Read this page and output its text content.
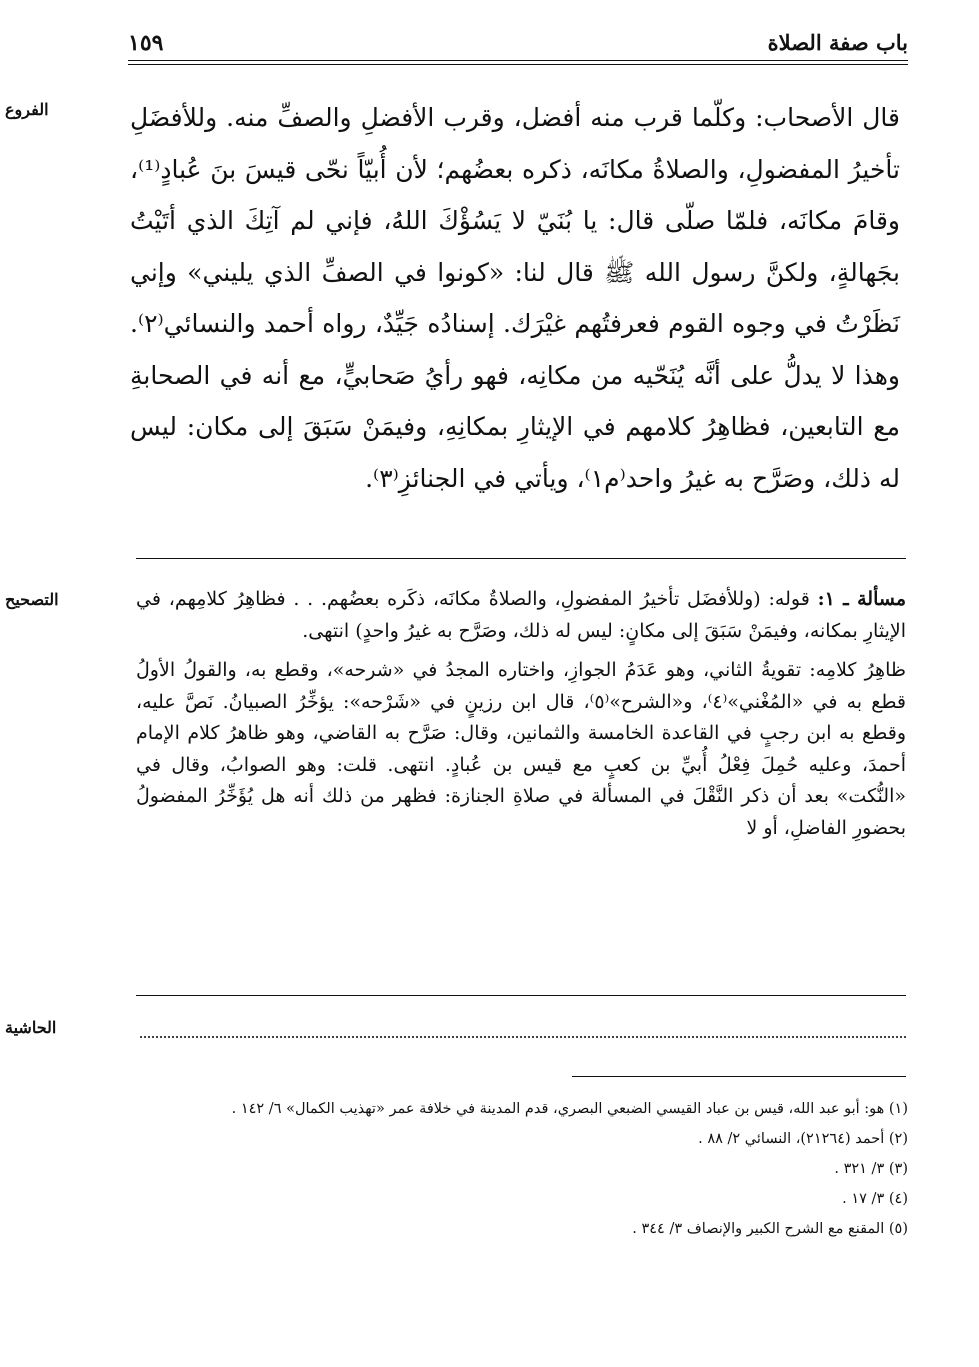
باب صفة الصلاة
١٥٩
الفروع	قال الأصحاب: وكلّما قرب منه أفضل، وقرب الأفضلِ والصفِّ منه. وللأفضَلِ تأخيرُ المفضولِ، والصلاةُ مكانَه، ذكره بعضُهم؛ لأن أُبيّاً نحّى قيسَ بنَ عُبادٍ⁽¹⁾، وقامَ مكانَه، فلمّا صلّى قال: يا بُنَيّ لا يَسُؤْكَ اللهُ، فإني لم آتِكَ الذي أتَيْتُ بجَهالةٍ، ولكنَّ رسول الله ﷺ قال لنا: «كونوا في الصفِّ الذي يليني» وإني نَظَرْتُ في وجوه القوم فعرفتُهم غيْرَك. إسنادُه جَيِّدٌ، رواه أحمد والنسائي⁽٢⁾. وهذا لا يدلُّ على أنَّه يُنَحّيه من مكانِه، فهو رأيُ صَحابيٍّ، مع أنه في الصحابةِ مع التابعين، فظاهِرُ كلامهم في الإيثارِ بمكانِهِ، وفيمَنْ سَبَقَ إلى مكان: ليس له ذلك، وصَرَّح به غيرُ واحد⁽م١⁾، ويأتي في الجنائزِ⁽٣⁾.

التصحيح	مسألة ـ ١: قوله: (وللأفضَل تأخيرُ المفضولِ، والصلاةُ مكانَه، ذكَره بعضُهم. . . فظاهِرُ كلامِهم، في الإيثارِ بمكانه، وفيمَنْ سَبَقَ إلى مكانٍ: ليس له ذلك، وصَرَّح به غيرُ واحدٍ) انتهى.

ظاهِرُ كلامِه: تقويةُ الثاني، وهو عَدَمُ الجوازِ، واختاره المجدُ في «شرحه»، وقطع به، والقولُ الأولُ قطع به في «المُغْني»⁽٤⁾، و«الشرح»⁽٥⁾، قال ابن رزينٍ في «شَرْحه»: يؤخِّرُ الصبيانُ. نَصَّ عليه، وقطع به ابن رجبٍ في القاعدة الخامسة والثمانين، وقال: صَرَّح به القاضي، وهو ظاهرُ كلام الإمام أحمدَ، وعليه حُمِلَ فِعْلُ أُبيِّ بن كعبٍ مع قيس بن عُبادٍ. انتهى. قلت: وهو الصوابُ، وقال في «النُّكت» بعد أن ذكر النَّقْلَ في المسألة في صلاةِ الجنازة: فظهر من ذلك أنه هل يُؤَخِّرُ المفضولُ بحضورِ الفاضلِ، أو لا

الحاشية
(١) هو: أبو عبد الله، قيس بن عباد القيسي الضبعي البصري، قدم المدينة في خلافة عمر «تهذيب الكمال» ٦/ ١٤٢ .
(٢) أحمد (٢١٢٦٤)، النسائي ٢/ ٨٨ .
(٣) ٣/ ٣٢١ .
(٤) ٣/ ١٧ .
(٥) المقنع مع الشرح الكبير والإنصاف ٣/ ٣٤٤ .
